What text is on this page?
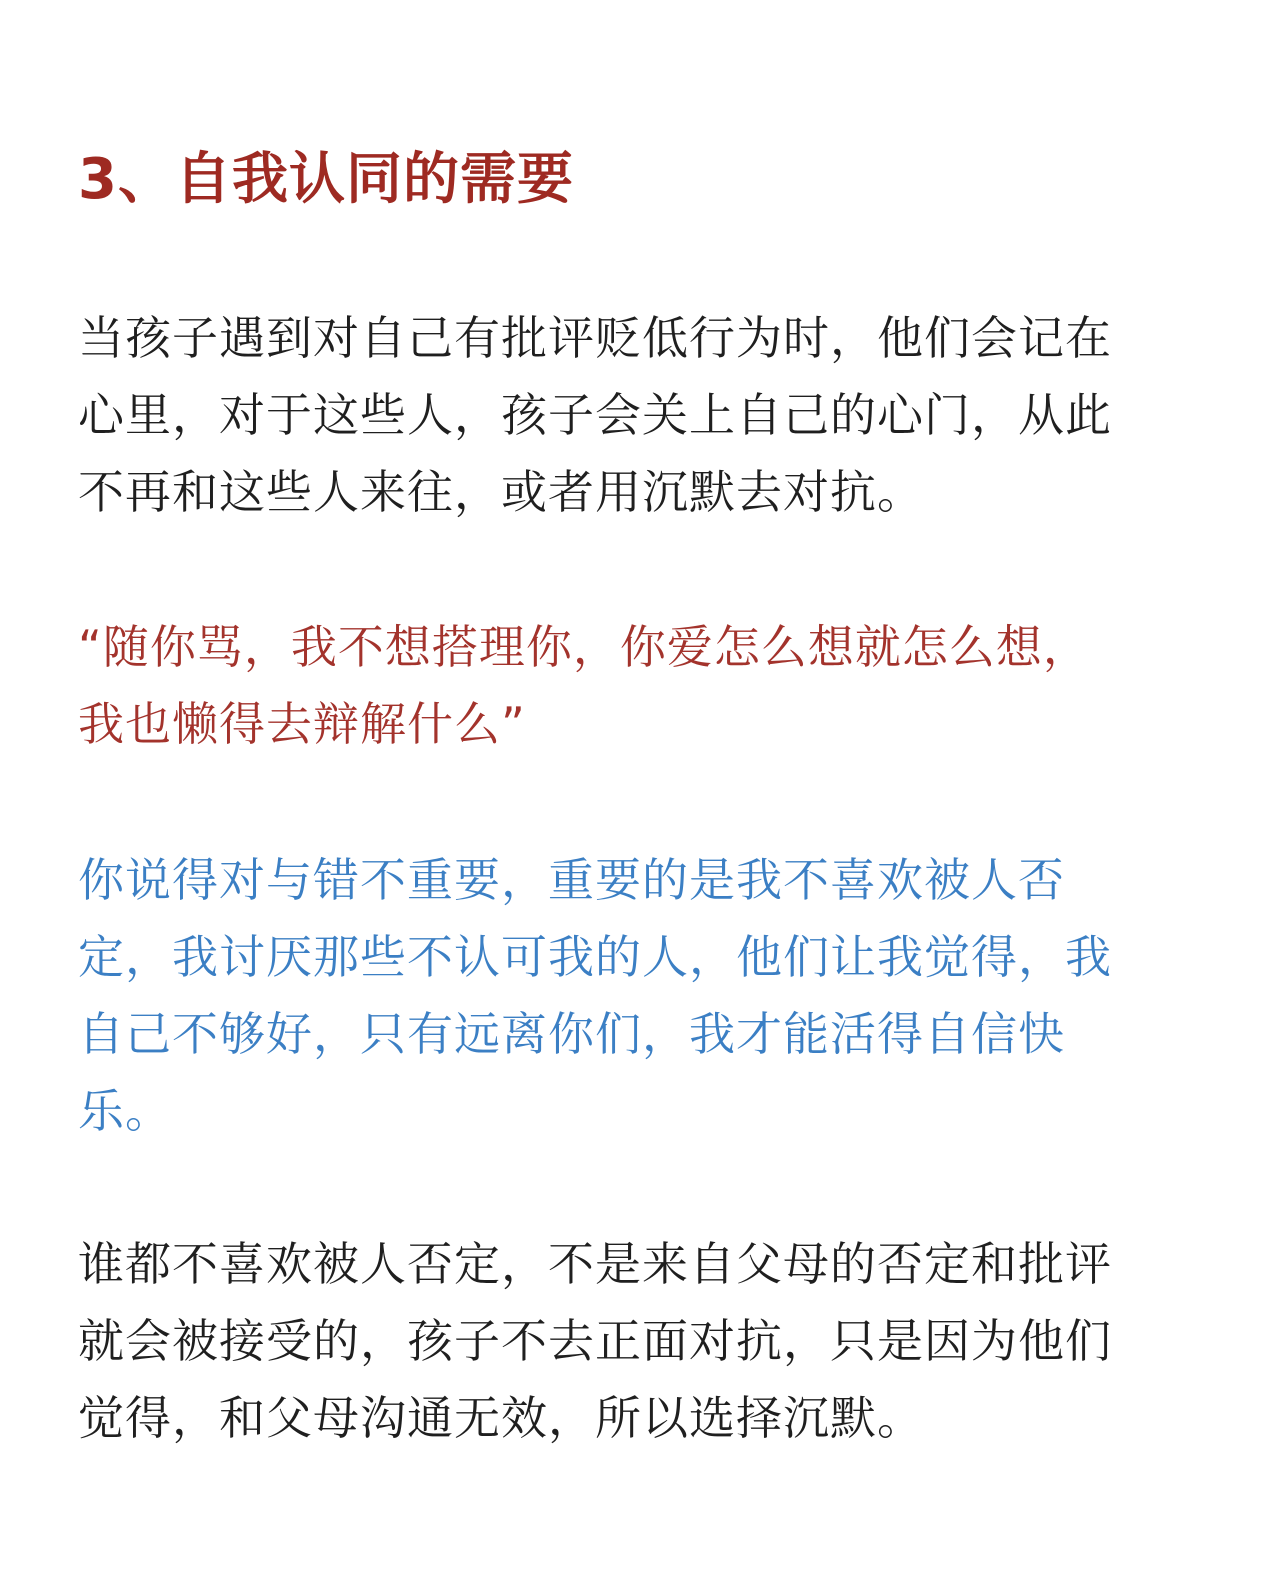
3、自我认同的需要

当孩子遇到对自己有批评贬低行为时，他们会记在
心里，对于这些人，孩子会关上自己的心门，从此
不再和这些人来往，或者用沉默去对抗。

“随你骂，我不想搭理你，你爱怎么想就怎么想，
我也懒得去辩解什么”

你说得对与错不重要，重要的是我不喜欢被人否
定，我讨厌那些不认可我的人，他们让我觉得，我
自己不够好，只有远离你们，我才能活得自信快
乐。

谁都不喜欢被人否定，不是来自父母的否定和批评
就会被接受的，孩子不去正面对抗，只是因为他们
觉得，和父母沟通无效，所以选择沉默。
